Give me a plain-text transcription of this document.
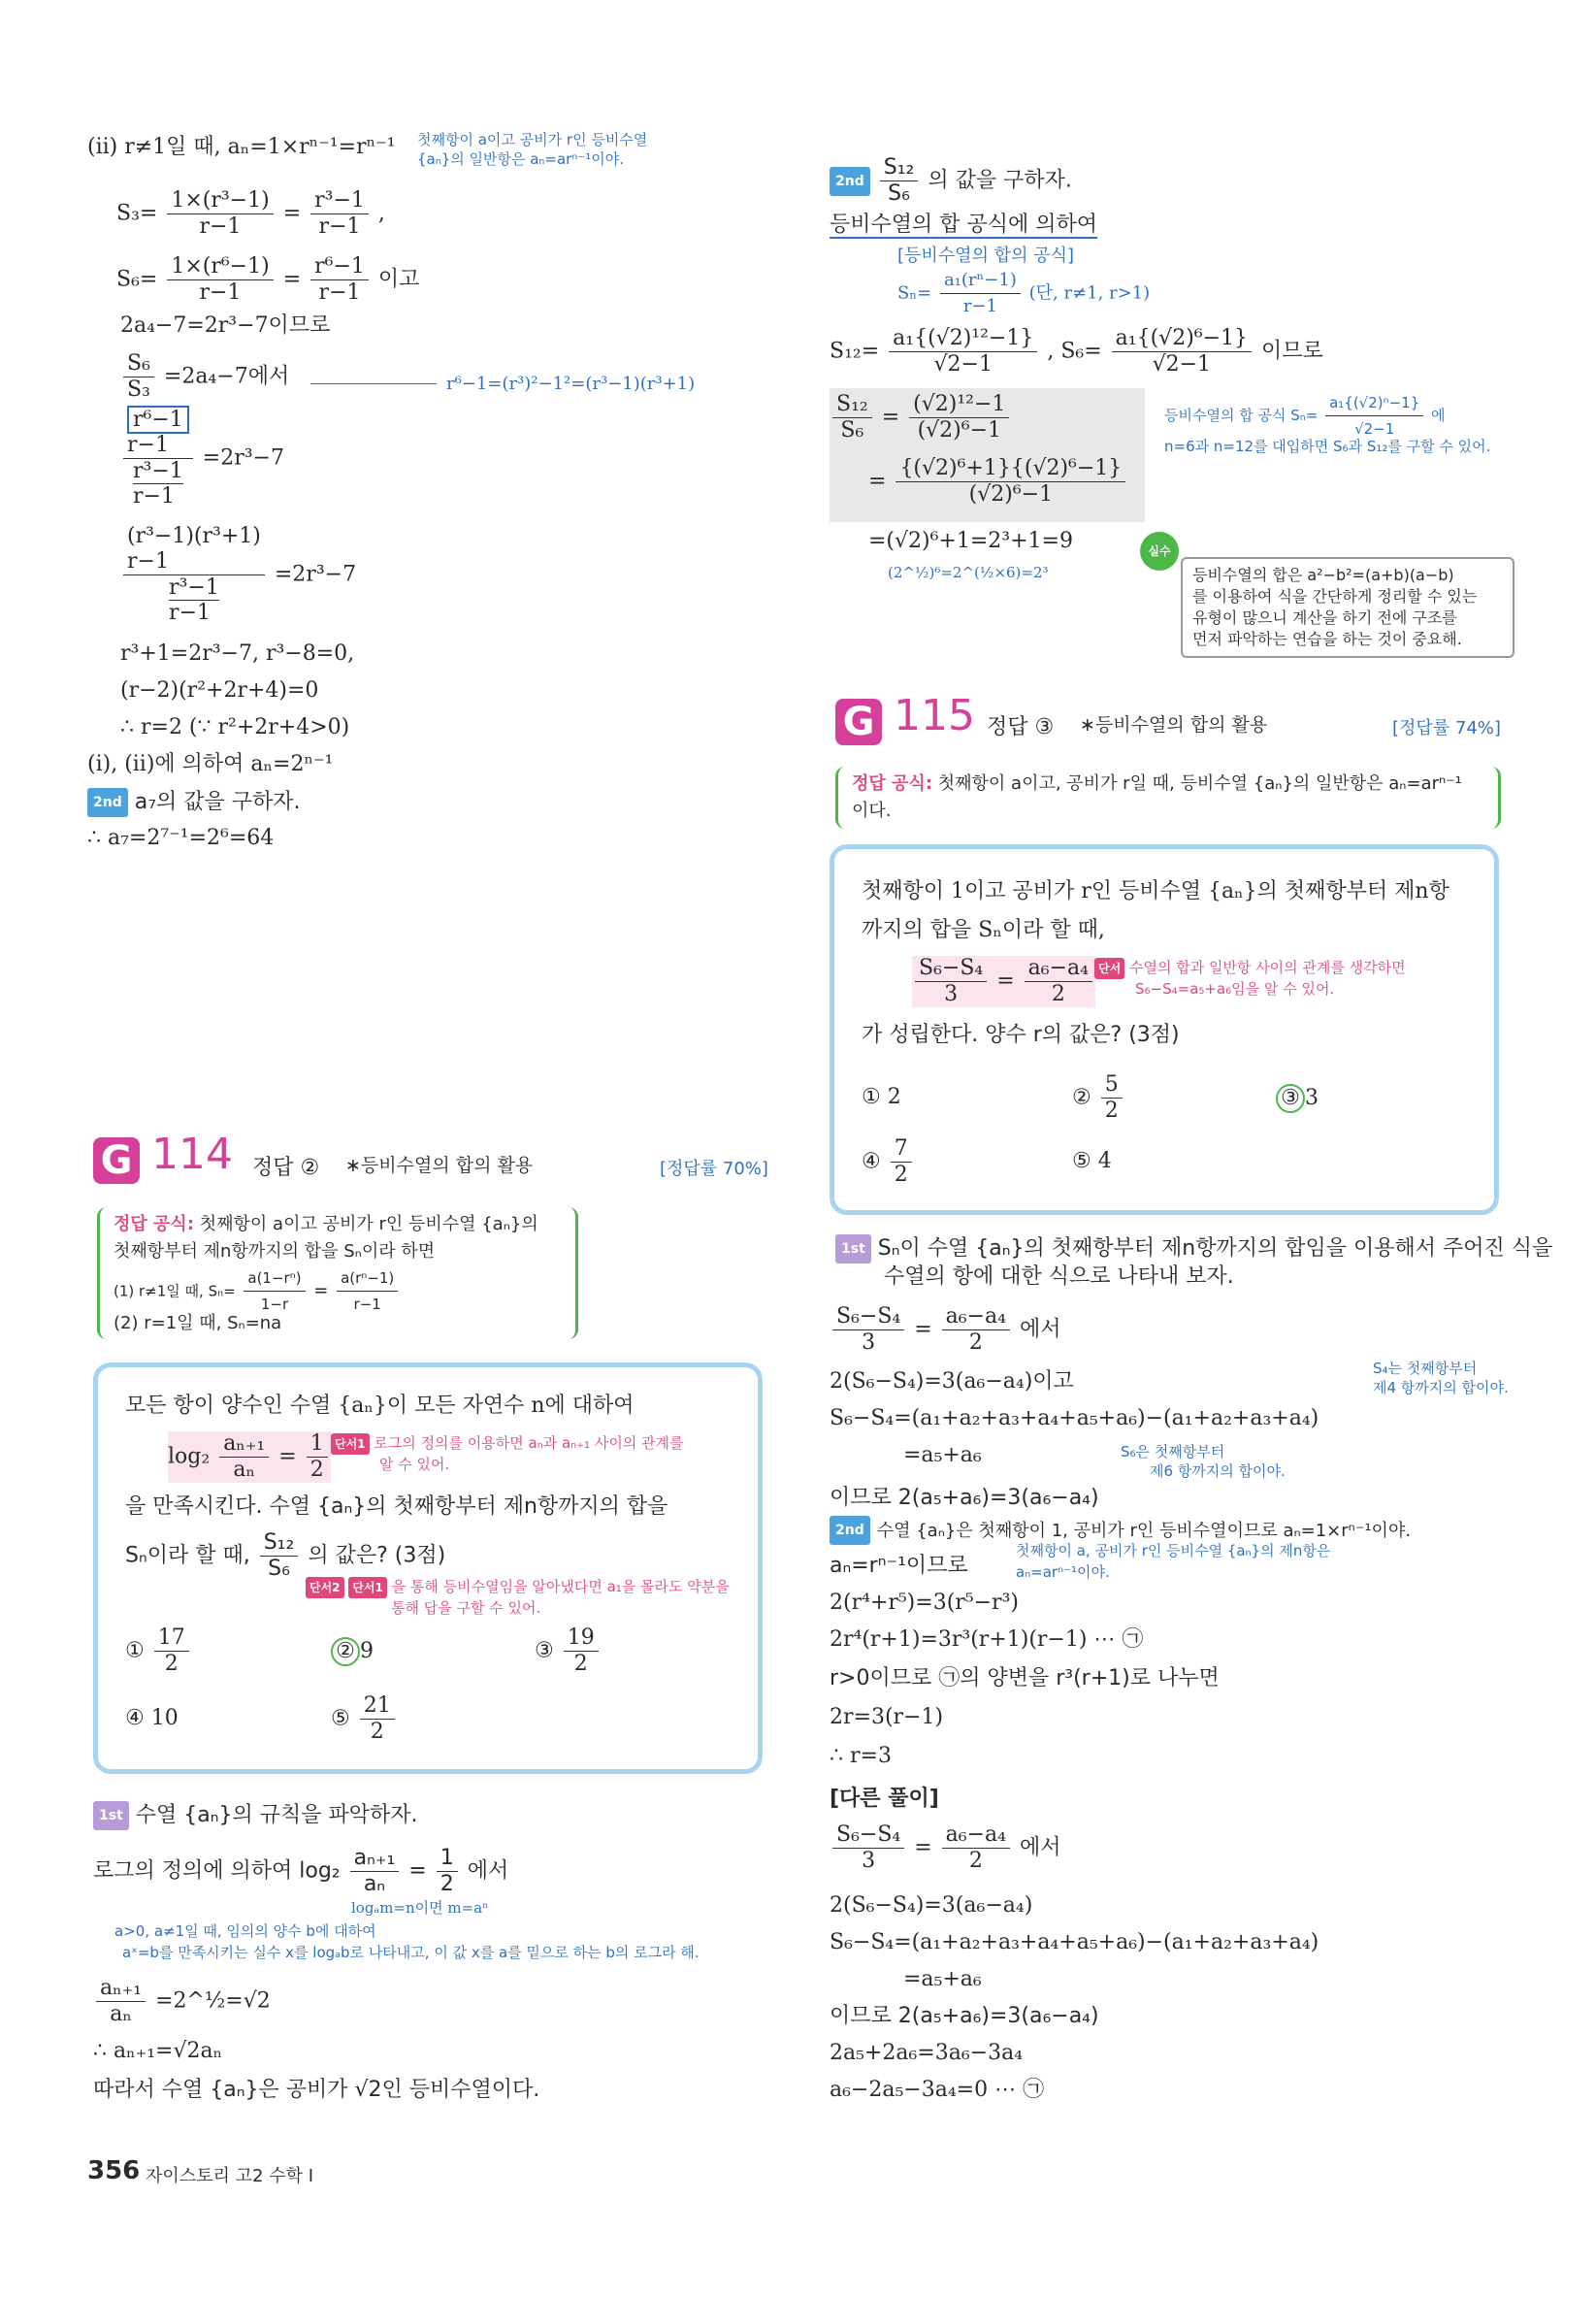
(ii) r≠1일 때, aₙ=1×rⁿ⁻¹=rⁿ⁻¹ 첫째항이 a이고 공비가 r인 등비수열
{aₙ}의 일반항은 aₙ=arⁿ⁻¹이야.
$S_3= \frac{\text{1×(r³−1)}}{r-1} = \frac{\text{r³−1}}{r-1}$ ,
$S_6= \frac{\text{1×(r⁶−1)}}{r-1} = \frac{\text{r⁶−1}}{r-1}$ 이고
2a₄−7=2r³−7이므로
$\frac{\text{S₆}}{\text{S₃}} =2a_4-7$에서	r⁶−1=(r³)²−1²=(r³−1)(r³+1)
r⁶−1
r−1
r³−1
r−1
=2r³−7
(r³−1)(r³+1)
r−1
r³−1
r−1
=2r³−7
r³+1=2r³−7, r³−8=0,
(r−2)(r²+2r+4)=0
∴ r=2 (∵ r²+2r+4>0)
(i), (ii)에 의하여 aₙ=2ⁿ⁻¹
2nd a₇의 값을 구하자.
∴ a₇=2⁷⁻¹=2⁶=64
$2nd \frac{\text{S₁₂}}{\text{S₆}}$ 의 값을 구하자.
등비수열의 합 공식에 의하여
[등비수열의 합의 공식]
$S_n= \frac{\text{a₁(rⁿ−1)}}{r-1}$ (단, r≠1, r>1)
$S_{12}= \frac{\text{a₁\{(√2)¹²−1\}}}{√2-1}$ , $S_6= \frac{\text{a₁\{(√2)⁶−1\}}}{√2-1}$ 이므로
$\frac{\text{S₁₂}}{\text{S₆}} = \frac{\text{(√2)¹²−1}}{\text{(√2)⁶−1}}$
= $\frac{\text{\{(√2)⁶+1\}\{(√2)⁶−1\}}}{\text{(√2)⁶−1}}$
등비수열의 합 공식 $S_n= \frac{\text{a₁\{(√2)ⁿ−1\}}}{√2-1}$ 에
n=6과 n=12를 대입하면 S₆과 S₁₂를 구할 수 있어.
=(√2)⁶+1=2³+1=9
(2^½)⁶=2^(½×6)=2³
실수
등비수열의 합은 a²−b²=(a+b)(a−b)
를 이용하여 식을 간단하게 정리할 수 있는
유형이 많으니 계산을 하기 전에 구조를
먼저 파악하는 연습을 하는 것이 중요해.
G 115 정답 ③ ∗등비수열의 합의 활용	[정답률 74%]
정답 공식: 첫째항이 a이고, 공비가 r일 때, 등비수열 {aₙ}의 일반항은 aₙ=arⁿ⁻¹
이다.
첫째항이 1이고 공비가 r인 등비수열 {aₙ}의 첫째항부터 제n항
까지의 합을 Sₙ이라 할 때,
$\frac{\text{S₆−S₄}}{3} = \frac{\text{a₆−a₄}}{2}$ 단서 수열의 합과 일반항 사이의 관계를 생각하면
S₆−S₄=a₅+a₆임을 알 수 있어.
가 성립한다. 양수 r의 값은? (3점)
① 2	② $\frac{5}{2}$	③ 3
④ $\frac{7}{2}$	⑤ 4
G 114 정답 ② ∗등비수열의 합의 활용	[정답률 70%]
정답 공식: 첫째항이 a이고 공비가 r인 등비수열 {aₙ}의
첫째항부터 제n항까지의 합을 Sₙ이라 하면
(1) r≠1일 때, $S_n= \frac{\text{a(1−rⁿ)}}{1-r} = \frac{\text{a(rⁿ−1)}}{r-1}$
(2) r=1일 때, Sₙ=na
모든 항이 양수인 수열 {aₙ}이 모든 자연수 n에 대하여
$\log_2 \frac{\text{aₙ₊₁}}{\text{aₙ}} = \frac{1}{2}$ 단서1 로그의 정의를 이용하면 aₙ과 aₙ₊₁ 사이의 관계를
알 수 있어.
을 만족시킨다. 수열 {aₙ}의 첫째항부터 제n항까지의 합을
Sₙ이라 할 때, $\frac{\text{S₁₂}}{\text{S₆}}$ 의 값은? (3점)
단서2 단서1 을 통해 등비수열임을 알아냈다면 a₁을 몰라도 약분을
통해 답을 구할 수 있어.
① $\frac{17}{2}$	② 9	③ $\frac{19}{2}$
④ 10	⑤ $\frac{21}{2}$
1st 수열 {aₙ}의 규칙을 파악하자.
로그의 정의에 의하여 $\log_2 \frac{\text{aₙ₊₁}}{\text{aₙ}} = \frac{1}{2}$ 에서
logₐm=n이면 m=aⁿ
a>0, a≠1일 때, 임의의 양수 b에 대하여
aˣ=b를 만족시키는 실수 x를 logₐb로 나타내고, 이 값 x를 a를 밑으로 하는 b의 로그라 해.
$\frac{\text{aₙ₊₁}}{\text{aₙ}}$ =2^½=√2
∴ aₙ₊₁=√2aₙ
따라서 수열 {aₙ}은 공비가 √2인 등비수열이다.
1st Sₙ이 수열 {aₙ}의 첫째항부터 제n항까지의 합임을 이용해서 주어진 식을
수열의 항에 대한 식으로 나타내 보자.
$\frac{\text{S₆−S₄}}{3} = \frac{\text{a₆−a₄}}{2}$ 에서
2(S₆−S₄)=3(a₆−a₄)이고
S₄는 첫째항부터
제4 항까지의 합이야.
S₆−S₄=(a₁+a₂+a₃+a₄+a₅+a₆)−(a₁+a₂+a₃+a₄)
=a₅+a₆	S₆은 첫째항부터
제6 항까지의 합이야.
이므로 2(a₅+a₆)=3(a₆−a₄)
2nd 수열 {aₙ}은 첫째항이 1, 공비가 r인 등비수열이므로 aₙ=1×rⁿ⁻¹이야.
aₙ=rⁿ⁻¹이므로
첫째항이 a, 공비가 r인 등비수열 {aₙ}의 제n항은
aₙ=arⁿ⁻¹이야.
2(r⁴+r⁵)=3(r⁵−r³)
2r⁴(r+1)=3r³(r+1)(r−1) ⋯ ㉠
r>0이므로 ㉠의 양변을 r³(r+1)로 나누면
2r=3(r−1)
∴ r=3
[다른 풀이]
$\frac{\text{S₆−S₄}}{3} = \frac{\text{a₆−a₄}}{2}$ 에서
2(S₆−S₄)=3(a₆−a₄)
S₆−S₄=(a₁+a₂+a₃+a₄+a₅+a₆)−(a₁+a₂+a₃+a₄)
=a₅+a₆
이므로 2(a₅+a₆)=3(a₆−a₄)
2a₅+2a₆=3a₆−3a₄
a₆−2a₅−3a₄=0 ⋯ ㉠
356 자이스토리 고2 수학 I
